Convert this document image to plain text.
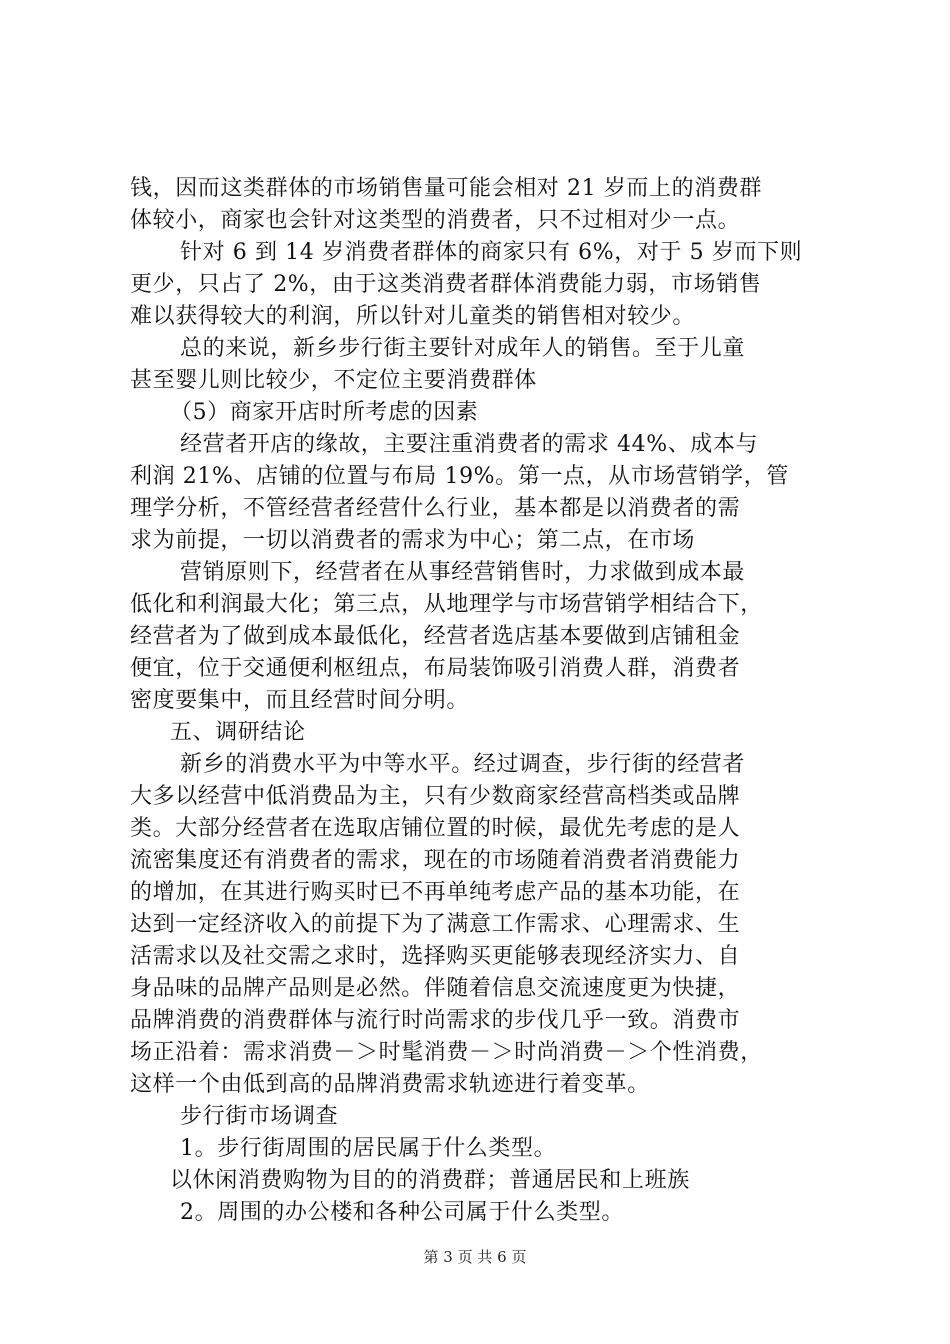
钱，因而这类群体的市场销售量可能会相对 21 岁而上的消费群
体较小，商家也会针对这类型的消费者，只不过相对少一点。
针对 6 到 14 岁消费者群体的商家只有 6%，对于 5 岁而下则
更少，只占了 2%，由于这类消费者群体消费能力弱，市场销售
难以获得较大的利润，所以针对儿童类的销售相对较少。
总的来说，新乡步行街主要针对成年人的销售。至于儿童
甚至婴儿则比较少，不定位主要消费群体
（5）商家开店时所考虑的因素
经营者开店的缘故，主要注重消费者的需求 44%、成本与
利润 21%、店铺的位置与布局 19%。第一点，从市场营销学，管
理学分析，不管经营者经营什么行业，基本都是以消费者的需
求为前提，一切以消费者的需求为中心；第二点，在市场
营销原则下，经营者在从事经营销售时，力求做到成本最
低化和利润最大化；第三点，从地理学与市场营销学相结合下，
经营者为了做到成本最低化，经营者选店基本要做到店铺租金
便宜，位于交通便利枢纽点，布局装饰吸引消费人群，消费者
密度要集中，而且经营时间分明。
五、调研结论
新乡的消费水平为中等水平。经过调查，步行街的经营者
大多以经营中低消费品为主，只有少数商家经营高档类或品牌
类。大部分经营者在选取店铺位置的时候，最优先考虑的是人
流密集度还有消费者的需求，现在的市场随着消费者消费能力
的增加，在其进行购买时已不再单纯考虑产品的基本功能，在
达到一定经济收入的前提下为了满意工作需求、心理需求、生
活需求以及社交需之求时，选择购买更能够表现经济实力、自
身品味的品牌产品则是必然。伴随着信息交流速度更为快捷，
品牌消费的消费群体与流行时尚需求的步伐几乎一致。消费市
场正沿着：需求消费－＞时髦消费－＞时尚消费－＞个性消费，
这样一个由低到高的品牌消费需求轨迹进行着变革。
步行街市场调查
1。步行街周围的居民属于什么类型。
以休闲消费购物为目的的消费群；普通居民和上班族
2。周围的办公楼和各种公司属于什么类型。
第 3 页 共 6 页
